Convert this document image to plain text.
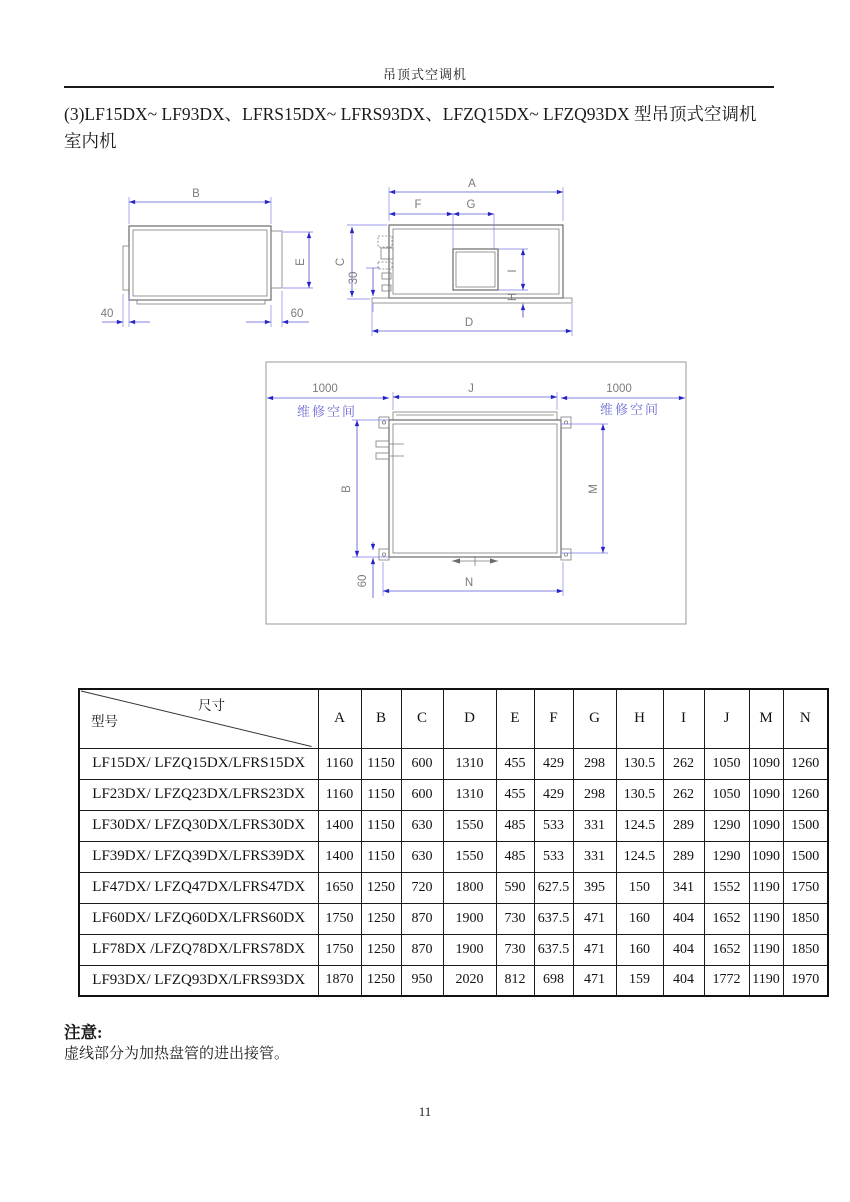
吊顶式空调机
(3)LF15DX~ LF93DX、LFRS15DX~ LFRS93DX、LFZQ15DX~ LFZQ93DX 型吊顶式空调机
室内机
B
E
40	60
A
F	G
C
30
I
H
D
J
1000	1000
维修空间	维修空间
B	M
60	N
尺寸
型号	A	B	C	D	E	F	G	H	I	J	M	N
LF15DX/ LFZQ15DX/LFRS15DX	1160	1150	600	1310	455	429	298	130.5	262	1050	1090	1260
LF23DX/ LFZQ23DX/LFRS23DX	1160	1150	600	1310	455	429	298	130.5	262	1050	1090	1260
LF30DX/ LFZQ30DX/LFRS30DX	1400	1150	630	1550	485	533	331	124.5	289	1290	1090	1500
LF39DX/ LFZQ39DX/LFRS39DX	1400	1150	630	1550	485	533	331	124.5	289	1290	1090	1500
LF47DX/ LFZQ47DX/LFRS47DX	1650	1250	720	1800	590	627.5	395	150	341	1552	1190	1750
LF60DX/ LFZQ60DX/LFRS60DX	1750	1250	870	1900	730	637.5	471	160	404	1652	1190	1850
LF78DX /LFZQ78DX/LFRS78DX	1750	1250	870	1900	730	637.5	471	160	404	1652	1190	1850
LF93DX/ LFZQ93DX/LFRS93DX	1870	1250	950	2020	812	698	471	159	404	1772	1190	1970
注意:
虚线部分为加热盘管的进出接管。
11
